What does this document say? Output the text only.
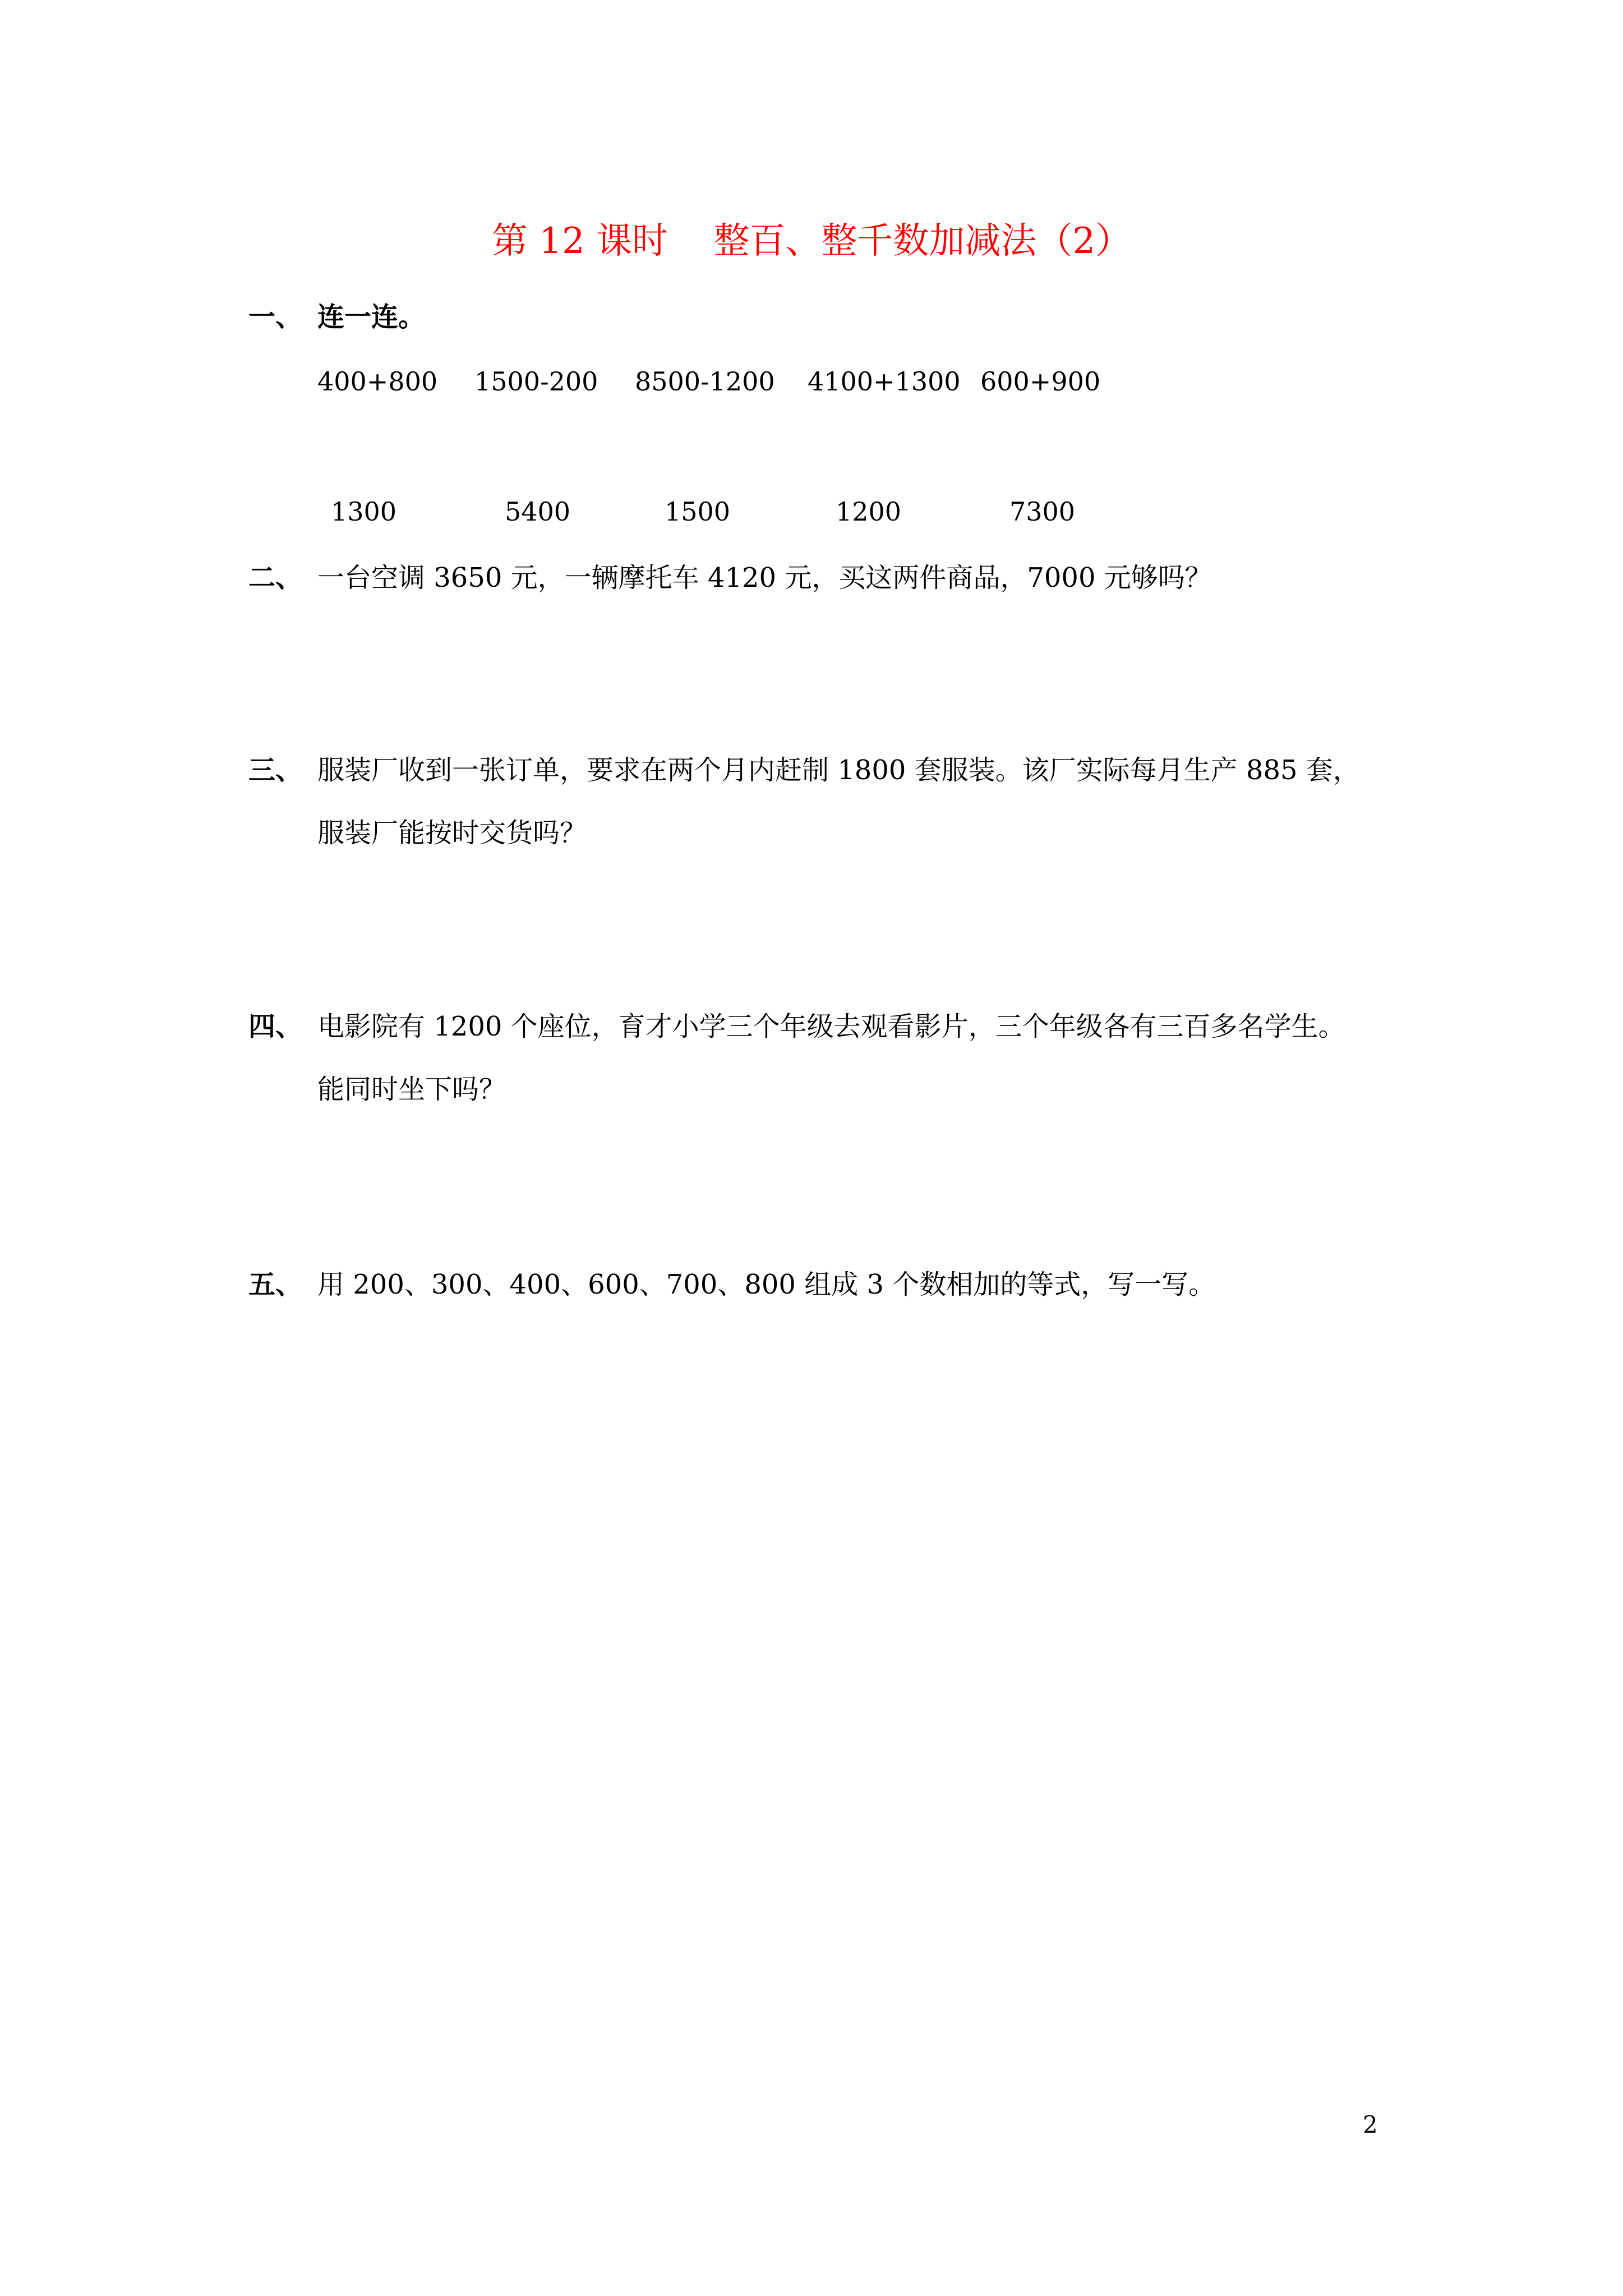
第 12 课时    整百、整千数加减法（2）
一、 连一连。
400+800 1500-200 8500-1200 4100+1300 600+900
1300	5400	1500	1200	7300
二、 一台空调 3650 元，一辆摩托车 4120 元，买这两件商品，7000 元够吗？
三、 服装厂收到一张订单，要求在两个月内赶制 1800 套服装。该厂实际每月生产 885 套，
服装厂能按时交货吗？
四、 电影院有 1200 个座位，育才小学三个年级去观看影片，三个年级各有三百多名学生。
能同时坐下吗？
五、 用 200、300、400、600、700、800 组成 3 个数相加的等式，写一写。
2
